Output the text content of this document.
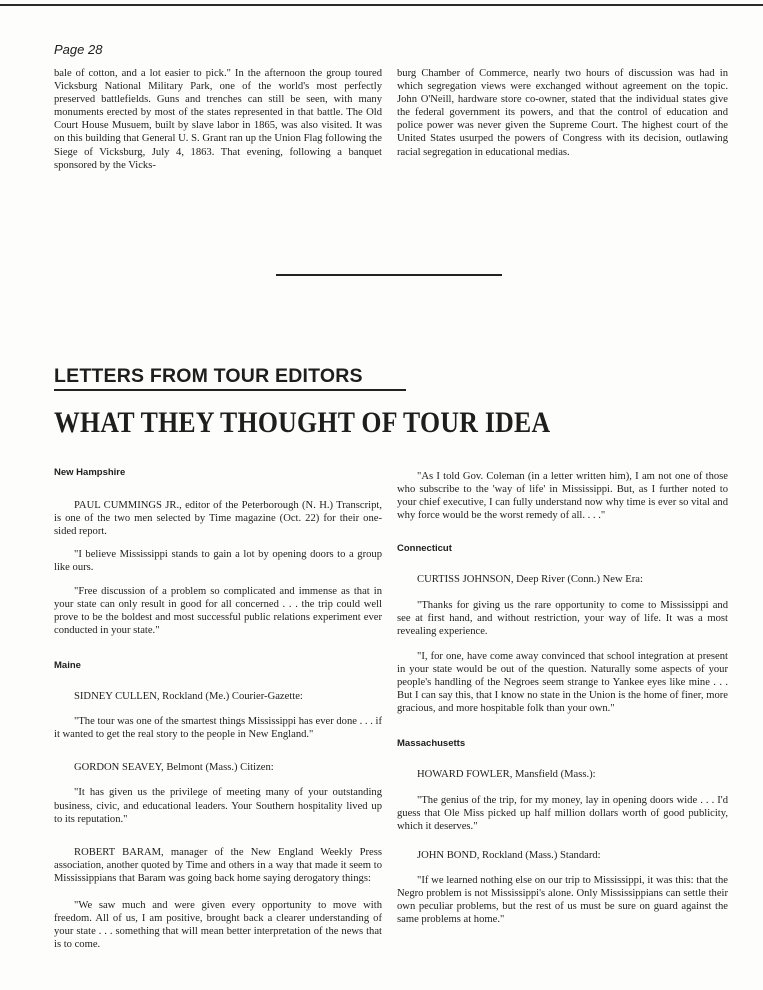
Page 28

bale of cotton, and a lot easier to pick." In the afternoon the group toured Vicksburg National Military Park, one of the world's most perfectly preserved battlefields. Guns and trenches can still be seen, with many monuments erected by most of the states represented in that battle. The Old Court House Musuem, built by slave labor in 1865, was also visited. It was on this building that General U. S. Grant ran up the Union Flag following the Siege of Vicksburg, July 4, 1863. That evening, following a banquet sponsored by the Vicks-

burg Chamber of Commerce, nearly two hours of discussion was had in which segregation views were exchanged without agreement on the topic. John O'Neill, hardware store co-owner, stated that the individual states give the federal government its powers, and that the control of education and police power was never given the Supreme Court. The highest court of the United States usurped the powers of Congress with its decision, outlawing racial segregation in educational medias.

LETTERS FROM TOUR EDITORS
WHAT THEY THOUGHT OF TOUR IDEA

New Hampshire

PAUL CUMMINGS JR., editor of the Peterborough (N. H.) Transcript, is one of the two men selected by Time magazine (Oct. 22) for their one-sided report.

"I believe Mississippi stands to gain a lot by opening doors to a group like ours.

"Free discussion of a problem so complicated and immense as that in your state can only result in good for all concerned . . . the trip could well prove to be the boldest and most successful public relations experiment ever conducted in your state."

Maine

SIDNEY CULLEN, Rockland (Me.) Courier-Gazette:

"The tour was one of the smartest things Mississippi has ever done . . . if it wanted to get the real story to the people in New England."

GORDON SEAVEY, Belmont (Mass.) Citizen:

"It has given us the privilege of meeting many of your outstanding business, civic, and educational leaders. Your Southern hospitality lived up to its reputation."

ROBERT BARAM, manager of the New England Weekly Press association, another quoted by Time and others in a way that made it seem to Mississippians that Baram was going back home saying derogatory things:

"We saw much and were given every opportunity to move with freedom. All of us, I am positive, brought back a clearer understanding of your state . . . something that will mean better interpretation of the news that is to come.

"As I told Gov. Coleman (in a letter written him), I am not one of those who subscribe to the 'way of life' in Mississippi. But, as I further noted to your chief executive, I can fully understand now why time is ever so vital and why force would be the worst remedy of all. . . ."

Connecticut

CURTISS JOHNSON, Deep River (Conn.) New Era:

"Thanks for giving us the rare opportunity to come to Mississippi and see at first hand, and without restriction, your way of life. It was a most revealing experience.

"I, for one, have come away convinced that school integration at present in your state would be out of the question. Naturally some aspects of your people's handling of the Negroes seem strange to Yankee eyes like mine . . . But I can say this, that I know no state in the Union is the home of finer, more gracious, and more hospitable folk than your own."

Massachusetts

HOWARD FOWLER, Mansfield (Mass.):

"The genius of the trip, for my money, lay in opening doors wide . . . I'd guess that Ole Miss picked up half million dollars worth of good publicity, which it deserves."

JOHN BOND, Rockland (Mass.) Standard:

"If we learned nothing else on our trip to Mississippi, it was this: that the Negro problem is not Mississippi's alone. Only Mississippians can settle their own peculiar problems, but the rest of us must be sure on guard against the same problems at home."
